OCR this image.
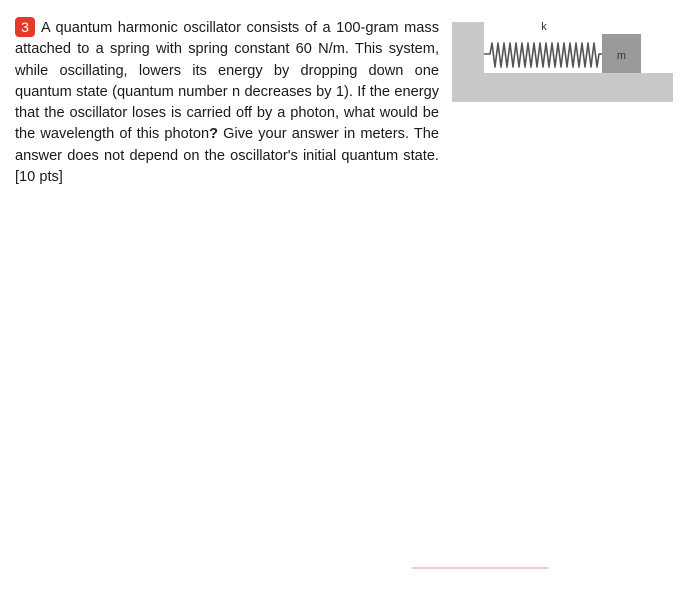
3 A quantum harmonic oscillator consists of a 100-gram mass attached to a spring with spring constant 60 N/m. This system, while oscillating, lowers its energy by dropping down one quantum state (quantum number n decreases by 1). If the energy that the oscillator loses is carried off by a photon, what would be the wavelength of this photon? Give your answer in meters. The answer does not depend on the oscillator's initial quantum state. [10 pts]

k
m
